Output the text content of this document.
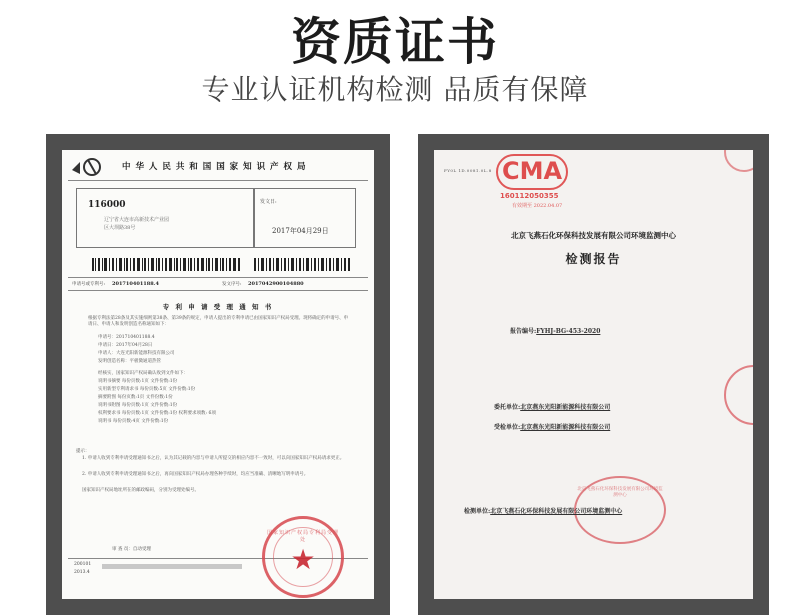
资质证书
专业认证机构检测 品质有保障
中 华 人 民 共 和 国 国 家 知 识 产 权 局
116000
辽宁省大连市高新技术产业园
区大坝路38号
发文日:
2017年04月29日
申请号或专利号: 201710401188.4	发文序号: 2017042900104880
专 利 申 请 受 理 通 知 书
根据专利法第28条及其实施细则第38条、第39条的规定，申请人提出的专利申请已由国家知识产权局受理。现将确定的申请号、申请日、申请人和发明创造名称通知如下：
申请号：201710401188.4
申请日：2017年04月28日
申请人：大连光阳新能源科技有限公司
发明创造名称：平板微通道热管
经核实，国家知识产权局确认收到文件如下：
说明书摘要 每份页数:1页 文件份数:1份
实用新型专利请求书 每份页数:5页 文件份数:1份
摘要附图 每份页数:1页 文件份数:1份
说明书附图 每份页数:1页 文件份数:1份
权利要求书 每份页数:1页 文件份数:1份 权利要求项数: 6项
说明书 每份页数:4页 文件份数:1份
提示：
1. 申请人收到专利申请受理通知书之后，认为其记载的内容与申请人所提交的相应内容不一致时，可以向国家知识产权局请求更正。
2. 申请人收到专利申请受理通知书之后，再向国家知识产权局办理各种手续时，均应当准确、清晰地写明申请号。
国家知识产权局地址所在的邮政编码，分别为受理处编号。
审 查 员：自动受理
200101
2013.4
国家知识产权局专利局受理处
★
FY0L 1D.0081.0L.8 CMA
160112050355
有效期至 2022.04.07
北京飞燕石化环保科技发展有限公司环境监测中心
检测报告
报告编号:FYHJ-BG-453-2020
委托单位:北京燕东光阳新能源科技有限公司
受检单位:北京燕东光阳新能源科技有限公司
北京飞燕石化环保科技发展有限公司环境监测中心
检测单位:北京飞燕石化环保科技发展有限公司环境监测中心
